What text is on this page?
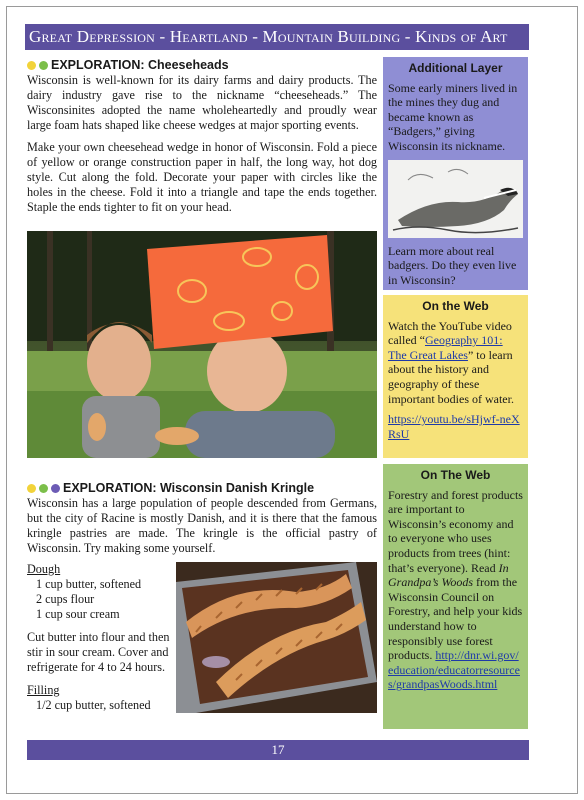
Great Depression - Heartland - Mountain Building - Kinds of Art
EXPLORATION: Cheeseheads

Wisconsin is well-known for its dairy farms and dairy products. The dairy industry gave rise to the nickname “cheeseheads.” The Wisconsinites adopted the name wholeheartedly and proudly wear large foam hats shaped like cheese wedges at major sporting events.

Make your own cheesehead wedge in honor of Wisconsin. Fold a piece of yellow or orange construction paper in half, the long way, hot dog style. Cut along the fold. Decorate your paper with circles like the holes in the cheese. Fold it into a triangle and tape the ends together. Staple the ends tighter to fit on your head.

EXPLORATION: Wisconsin Danish Kringle

Wisconsin has a large population of people descended from Germans, but the city of Racine is mostly Danish, and it is there that the famous kringle pastries are made. The kringle is the official pastry of Wisconsin. Try making some yourself.

Dough
1 cup butter, softened
2 cups flour
1 cup sour cream
Cut butter into flour and then stir in sour cream. Cover and refrigerate for 4 to 24 hours.
Filling
1/2 cup butter, softened
Additional Layer

Some early miners lived in the mines they dug and became known as “Badgers,” giving Wisconsin its nickname.

Learn more about real badgers. Do they even live in Wisconsin?

On the Web

Watch the YouTube video called “Geography 101: The Great Lakes” to learn about the history and geography of these important bodies of water.

https://youtu.be/sHjwf-neXRsU

On The Web

Forestry and forest products are important to Wisconsin’s economy and to everyone who uses products from trees (hint: that’s everyone). Read In Grandpa’s Woods from the Wisconsin Council on Forestry, and help your kids understand how to responsibly use forest products. http://dnr.wi.gov/education/educatorresources/grandpasWoods.html

17
